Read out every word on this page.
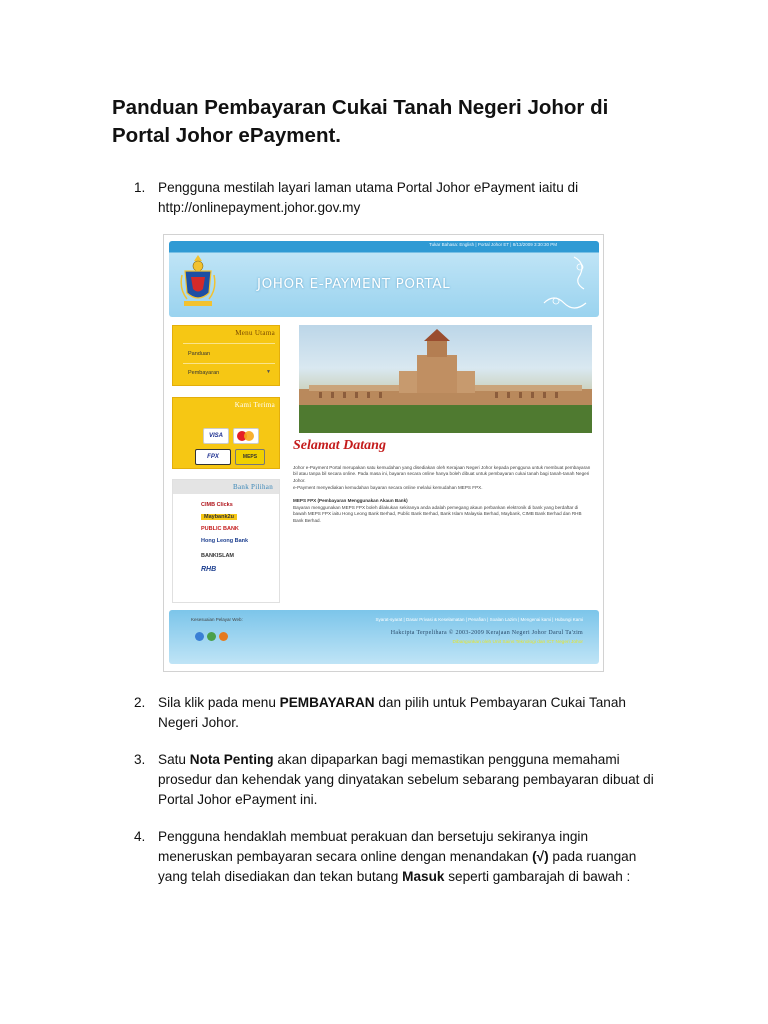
Panduan Pembayaran Cukai Tanah Negeri Johor di Portal Johor ePayment.
1. Pengguna mestilah layari laman utama Portal Johor ePayment iaitu di http://onlinepayment.johor.gov.my
Tukar Bahasa: English | Portal Johor ET | 8/13/2009 3:30:30 PM
JOHOR E-PAYMENT PORTAL
Menu Utama
Panduan
Pembayaran	▼
Kami Terima
VISA
FPX	MEPS
Bank Pilihan
CIMB Clicks
Maybank2u
PUBLIC BANK
Hong Leong Bank
BANKISLAM
RHB
Selamat Datang
Johor e-Payment Portal merupakan satu kemudahan yang disediakan oleh Kerajaan Negeri Johor kepada pengguna untuk membuat pembayaran bil atau tanpa bil secara online. Pada masa ini, bayaran secara online hanya boleh dibuat untuk pembayaran cukai tanah bagi tanah-tanah Negeri Johor.
e-Payment menyediakan kemudahan bayaran secara online melalui kemudahan MEPS FPX.
MEPS FPX (Pembayaran Menggunakan Akaun Bank)
Bayaran menggunakan MEPS FPX boleh dilakukan sekiranya anda adalah pemegang akaun perbankan elektronik di bank yang berdaftar di bawah MEPS FPX iaitu Hong Leong Bank Berhad, Public Bank Berhad, Bank Islam Malaysia Berhad, Maybank, CIMB Bank Berhad dan RHB Bank Berhad.
Kesesuaian Pelayar Web:	Syarat-syarat | Dasar Privasi & Keselamatan | Penafian | Soalan Lazim | Mengenai kami | Hubungi Kami
Hakcipta Terpelihara © 2003-2009 Kerajaan Negeri Johor Darul Ta'zim
Dibangunkan oleh Unit Sains Teknologi dan ICT Negeri Johor
2. Sila klik pada menu PEMBAYARAN dan pilih untuk Pembayaran Cukai Tanah Negeri Johor.
3. Satu Nota Penting akan dipaparkan bagi memastikan pengguna memahami prosedur dan kehendak yang dinyatakan sebelum sebarang pembayaran dibuat di Portal Johor ePayment ini.
4. Pengguna hendaklah membuat perakuan dan bersetuju sekiranya ingin meneruskan pembayaran secara online dengan menandakan (√) pada ruangan yang telah disediakan dan tekan butang Masuk seperti gambarajah di bawah :
